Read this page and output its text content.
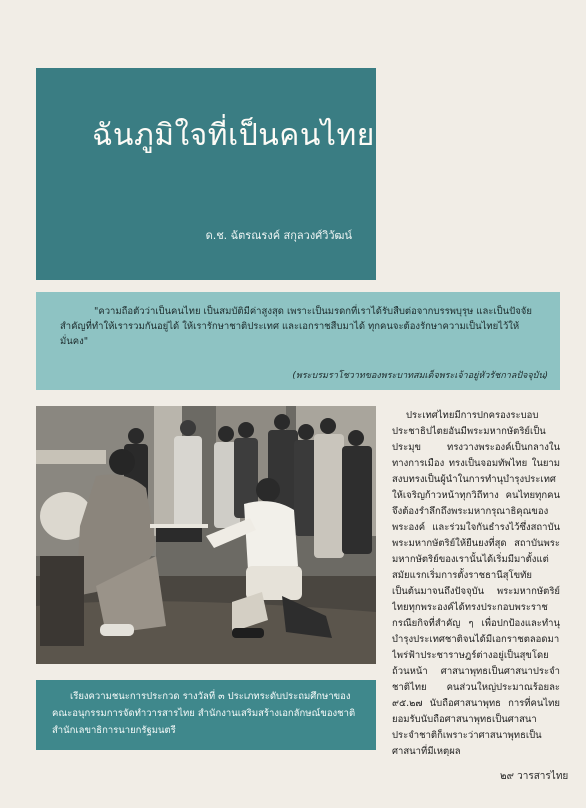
ฉันภูมิใจที่เป็นคนไทย
ด.ช. ฉัตรณรงค์ สกุลวงศ์วิวัฒน์
"ความถือตัวว่าเป็นคนไทย เป็นสมบัติมีค่าสูงสุด เพราะเป็นมรดกที่เราได้รับสืบต่อจากบรรพบุรุษ และเป็นปัจจัยสำคัญที่ทำให้เรารวมกันอยู่ได้ ให้เรารักษาชาติประเทศ และเอกราชสืบมาได้ ทุกคนจะต้องรักษาความเป็นไทยไว้ให้มั่นคง"
(พระบรมราโชวาทของพระบาทสมเด็จพระเจ้าอยู่หัวรัชกาลปัจจุบัน)
เรียงความชนะการประกวด รางวัลที่ ๓ ประเภทระดับประถมศึกษาของคณะอนุกรรมการจัดทำวารสารไทย สำนักงานเสริมสร้างเอกลักษณ์ของชาติ สำนักเลขาธิการนายกรัฐมนตรี

ประเทศไทยมีการปกครองระบอบประชาธิปไตยอันมีพระมหากษัตริย์เป็นประมุข ทรงวางพระองค์เป็นกลางในทางการเมือง ทรงเป็นจอมทัพไทย ในยามสงบทรงเป็นผู้นำในการทำนุบำรุงประเทศให้เจริญก้าวหน้าทุกวิถีทาง คนไทยทุกคนจึงต้องรำลึกถึงพระมหากรุณาธิคุณของพระองค์ และร่วมใจกันธำรงไว้ซึ่งสถาบันพระมหากษัตริย์ให้ยืนยงที่สุด สถาบันพระมหากษัตริย์ของเรานั้นได้เริ่มมีมาตั้งแต่สมัยแรกเริ่มการตั้งราชธานีสุโขทัยเป็นต้นมาจนถึงปัจจุบัน พระมหากษัตริย์ไทยทุกพระองค์ได้ทรงประกอบพระราชกรณียกิจที่สำคัญ ๆ เพื่อปกป้องและทำนุบำรุงประเทศชาติจนได้มีเอกราชตลอดมา ไพร่ฟ้าประชาราษฎร์ต่างอยู่เป็นสุขโดยถ้วนหน้า ศาสนาพุทธเป็นศาสนาประจำชาติไทย คนส่วนใหญ่ประมาณร้อยละ ๙๕.๒๗ นับถือศาสนาพุทธ การที่คนไทยยอมรับนับถือศาสนาพุทธเป็นศาสนาประจำชาติก็เพราะว่าศาสนาพุทธเป็นศาสนาที่มีเหตุผล

๒๙ วารสารไทย
